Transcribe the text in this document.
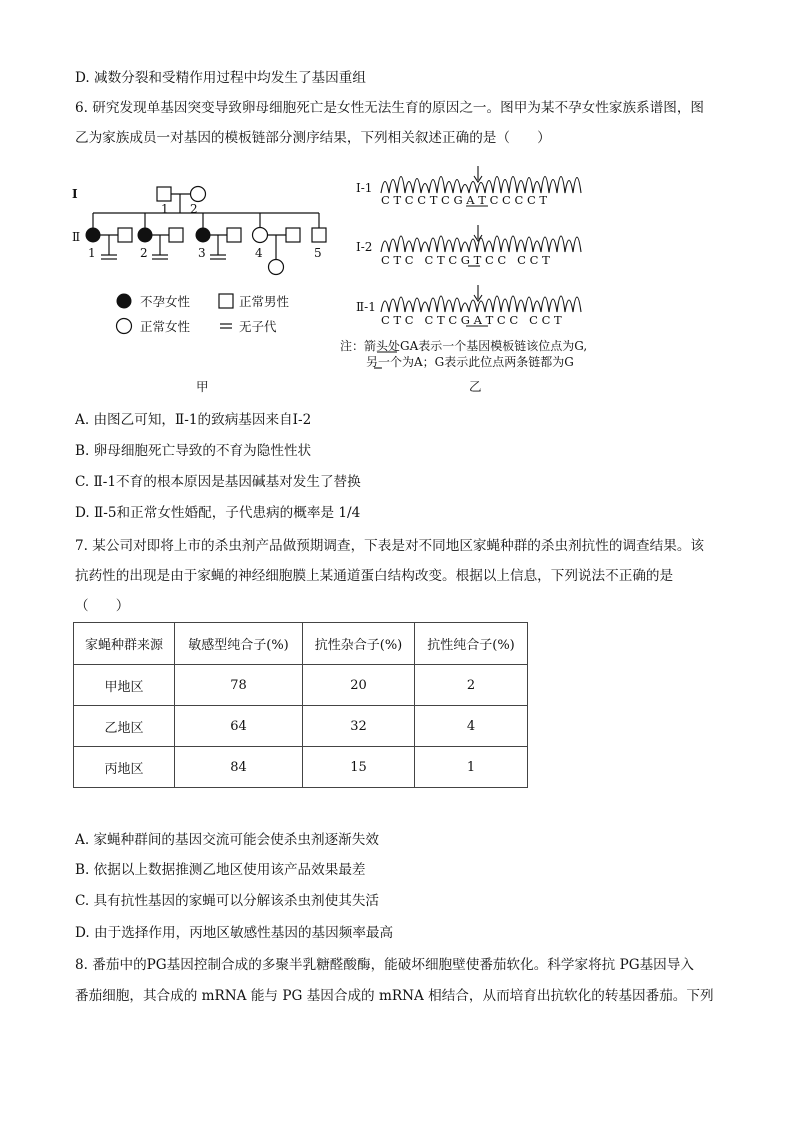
D. 减数分裂和受精作用过程中均发生了基因重组
6. 研究发现单基因突变导致卵母细胞死亡是女性无法生育的原因之一。图甲为某不孕女性家族系谱图，图
乙为家族成员一对基因的模板链部分测序结果，下列相关叙述正确的是（　　）
I
Ⅱ
1 2
1	2	3	4	5
不孕女性	正常男性
正常女性	无子代
甲
Ⅰ-1
Ⅰ-2
Ⅱ-1
C T C C T C G A T C C C C T
C T C   C T C G T C C   C C T
C T C   C T C G A T C C   C C T
注：箭头处GA表示一个基因模板链该位点为G,
另一个为A；G表示此位点两条链都为G
乙
A. 由图乙可知，Ⅱ-1的致病基因来自Ⅰ-2
B. 卵母细胞死亡导致的不育为隐性性状
C. Ⅱ-1不育的根本原因是基因碱基对发生了替换
D. Ⅱ-5和正常女性婚配，子代患病的概率是 1/4
7. 某公司对即将上市的杀虫剂产品做预期调查，下表是对不同地区家蝇种群的杀虫剂抗性的调查结果。该
抗药性的出现是由于家蝇的神经细胞膜上某通道蛋白结构改变。根据以上信息，下列说法不正确的是
（　　）
家蝇种群来源	敏感型纯合子(%)	抗性杂合子(%)	抗性纯合子(%)
甲地区	78	20	2
乙地区	64	32	4
丙地区	84	15	1
A. 家蝇种群间的基因交流可能会使杀虫剂逐渐失效
B. 依据以上数据推测乙地区使用该产品效果最差
C. 具有抗性基因的家蝇可以分解该杀虫剂使其失活
D. 由于选择作用，丙地区敏感性基因的基因频率最高
8. 番茄中的PG基因控制合成的多聚半乳糖醛酸酶，能破坏细胞壁使番茄软化。科学家将抗 PG基因导入
番茄细胞，其合成的 mRNA 能与 PG 基因合成的 mRNA 相结合，从而培育出抗软化的转基因番茄。下列
